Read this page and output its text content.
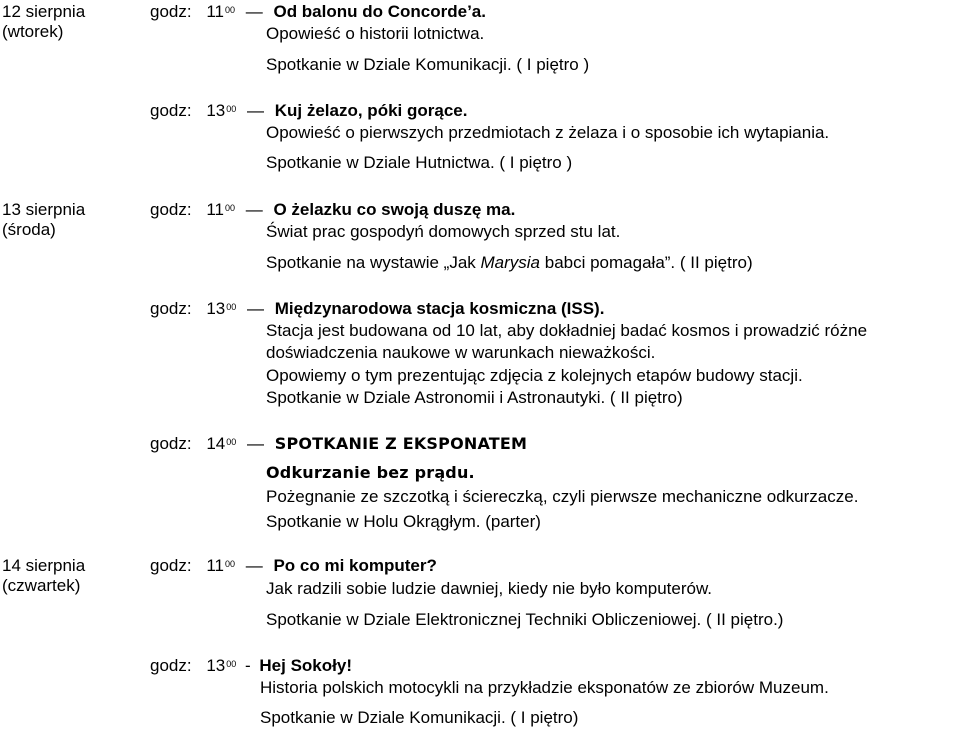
12 sierpnia
(wtorek)
13 sierpnia
(środa)
14 sierpnia
(czwartek)
godz: $11^{00}$ — Od balonu do Concorde’a.
Opowieść o historii lotnictwa.
Spotkanie w Dziale Komunikacji. ( I piętro )
godz: $13^{00}$ — Kuj żelazo, póki gorące.
Opowieść o pierwszych przedmiotach z żelaza i o sposobie ich wytapiania.
Spotkanie w Dziale Hutnictwa. ( I piętro )
godz: $11^{00}$ — O żelazku co swoją duszę ma.
Świat prac gospodyń domowych sprzed stu lat.
Spotkanie na wystawie „Jak Marysia babci pomagała”. ( II piętro)
godz: $13^{00}$ — Międzynarodowa stacja kosmiczna (ISS).
Stacja jest budowana od 10 lat, aby dokładniej badać kosmos i prowadzić różne
doświadczenia naukowe w warunkach nieważkości.
Opowiemy o tym prezentując zdjęcia z kolejnych etapów budowy stacji.
Spotkanie w Dziale Astronomii i Astronautyki. ( II piętro)
godz: $14^{00}$ — SPOTKANIE Z EKSPONATEM
Odkurzanie bez prądu.
Pożegnanie ze szczotką i ściereczką, czyli pierwsze mechaniczne odkurzacze.
Spotkanie w Holu Okrągłym. (parter)
godz: $11^{00}$ — Po co mi komputer?
Jak radzili sobie ludzie dawniej, kiedy nie było komputerów.
Spotkanie w Dziale Elektronicznej Techniki Obliczeniowej. ( II piętro.)
godz: $13^{00}$ - Hej Sokoły!
Historia polskich motocykli na przykładzie eksponatów ze zbiorów Muzeum.
Spotkanie w Dziale Komunikacji. ( I piętro)
